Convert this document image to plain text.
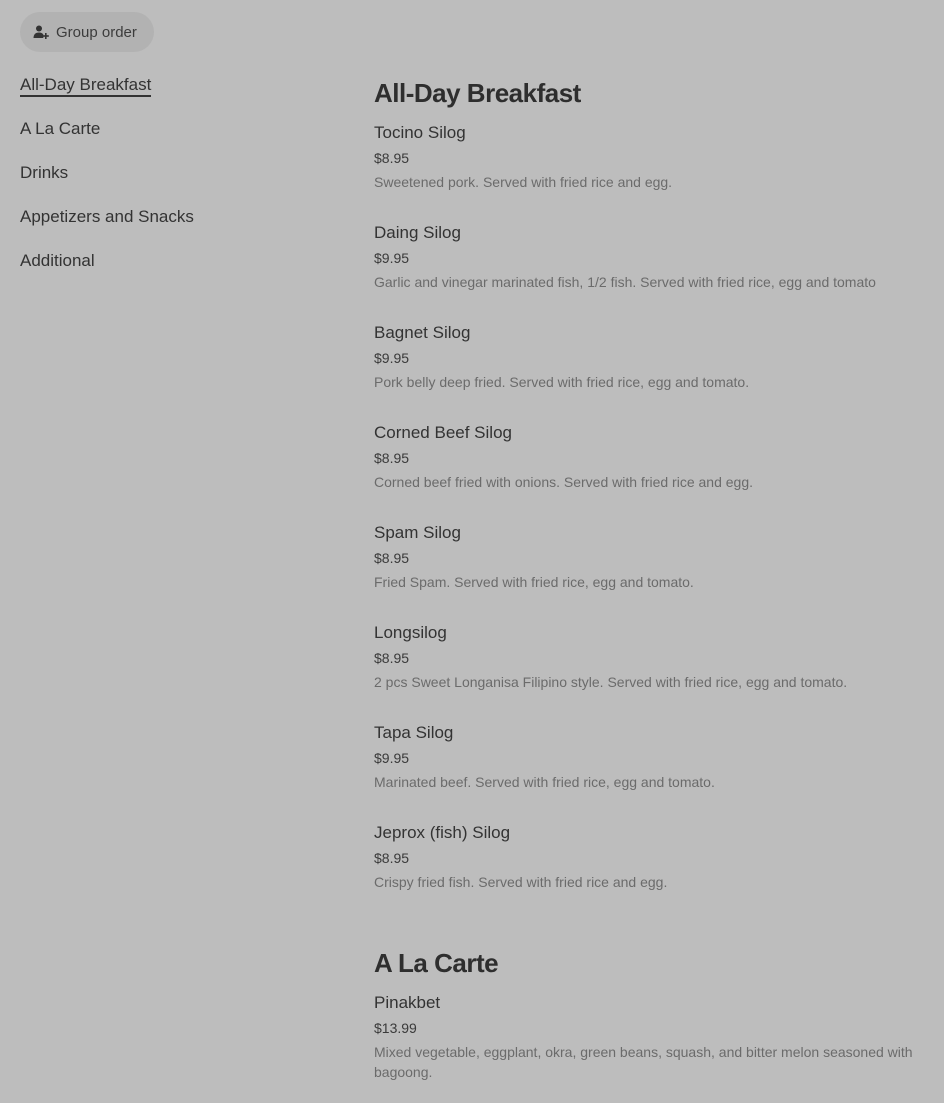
Group order
All-Day Breakfast
A La Carte
Drinks
Appetizers and Snacks
Additional
All-Day Breakfast
Tocino Silog
$8.95
Sweetened pork. Served with fried rice and egg.
Daing Silog
$9.95
Garlic and vinegar marinated fish, 1/2 fish. Served with fried rice, egg and tomato
Bagnet Silog
$9.95
Pork belly deep fried. Served with fried rice, egg and tomato.
Corned Beef Silog
$8.95
Corned beef fried with onions. Served with fried rice and egg.
Spam Silog
$8.95
Fried Spam. Served with fried rice, egg and tomato.
Longsilog
$8.95
2 pcs Sweet Longanisa Filipino style. Served with fried rice, egg and tomato.
Tapa Silog
$9.95
Marinated beef. Served with fried rice, egg and tomato.
Jeprox (fish) Silog
$8.95
Crispy fried fish. Served with fried rice and egg.
A La Carte
Pinakbet
$13.99
Mixed vegetable, eggplant, okra, green beans, squash, and bitter melon seasoned with bagoong.
